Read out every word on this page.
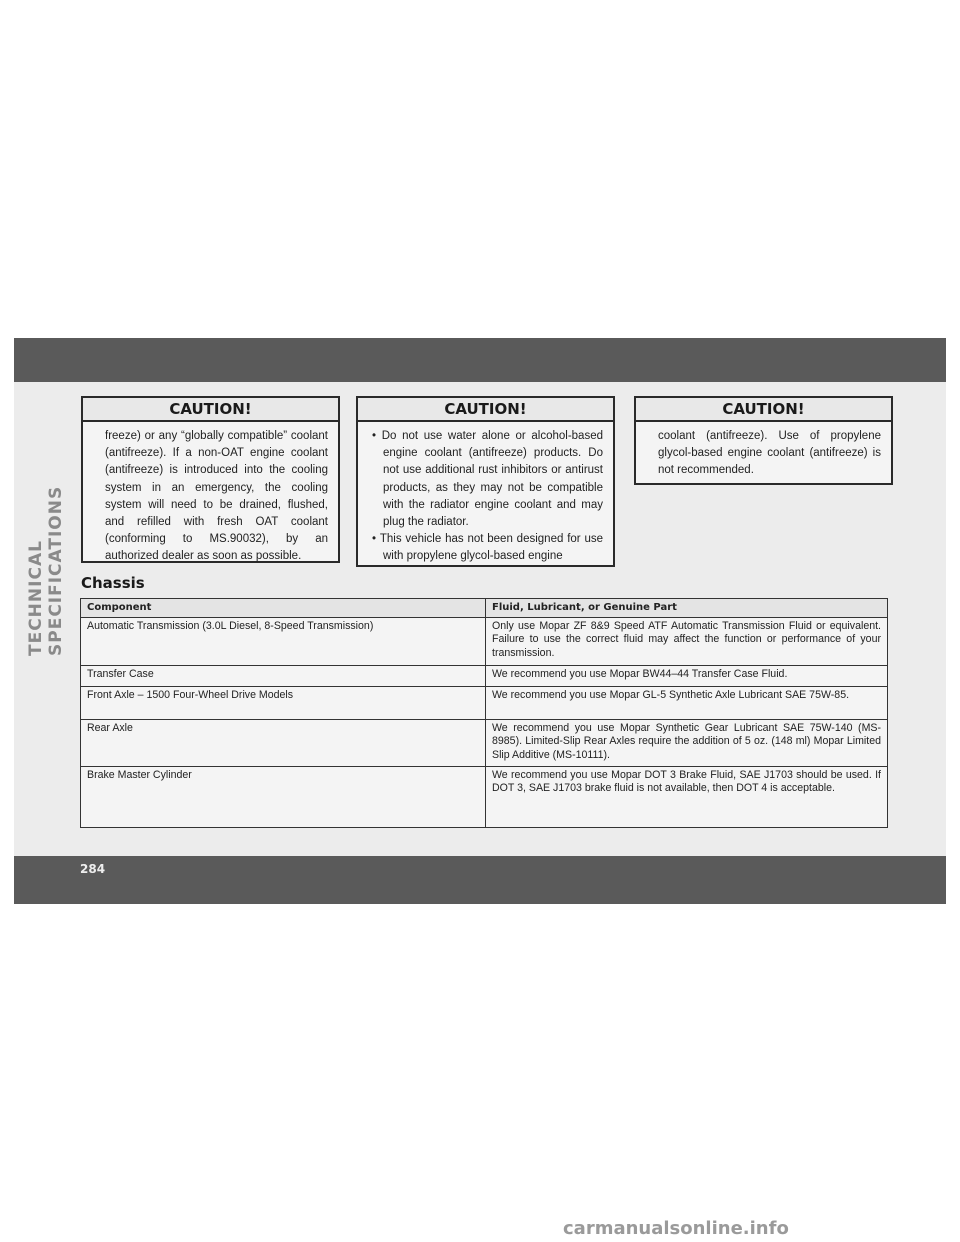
TECHNICAL SPECIFICATIONS
CAUTION!

freeze) or any “globally compatible” coolant (antifreeze). If a non-OAT engine coolant (antifreeze) is introduced into the cooling system in an emergency, the cooling system will need to be drained, flushed, and refilled with fresh OAT coolant (conforming to MS.90032), by an authorized dealer as soon as possible.

CAUTION!
• Do not use water alone or alcohol-based engine coolant (antifreeze) products. Do not use additional rust inhibitors or antirust products, as they may not be compatible with the radiator engine coolant and may plug the radiator.
• This vehicle has not been designed for use with propylene glycol-based engine
CAUTION!

coolant (antifreeze). Use of propylene glycol-based engine coolant (antifreeze) is not recommended.

Chassis
Component	Fluid, Lubricant, or Genuine Part
Automatic Transmission (3.0L Diesel, 8-Speed Transmission)	Only use Mopar ZF 8&9 Speed ATF Automatic Transmission Fluid or equivalent. Failure to use the correct fluid may affect the function or performance of your transmission.
Transfer Case	We recommend you use Mopar BW44–44 Transfer Case Fluid.
Front Axle – 1500 Four-Wheel Drive Models	We recommend you use Mopar GL-5 Synthetic Axle Lubricant SAE 75W-85.
Rear Axle	We recommend you use Mopar Synthetic Gear Lubricant SAE 75W-140 (MS-8985). Limited-Slip Rear Axles require the addition of 5 oz. (148 ml) Mopar Limited Slip Additive (MS-10111).
Brake Master Cylinder	We recommend you use Mopar DOT 3 Brake Fluid, SAE J1703 should be used. If DOT 3, SAE J1703 brake fluid is not available, then DOT 4 is acceptable.
284
carmanualsonline.info
